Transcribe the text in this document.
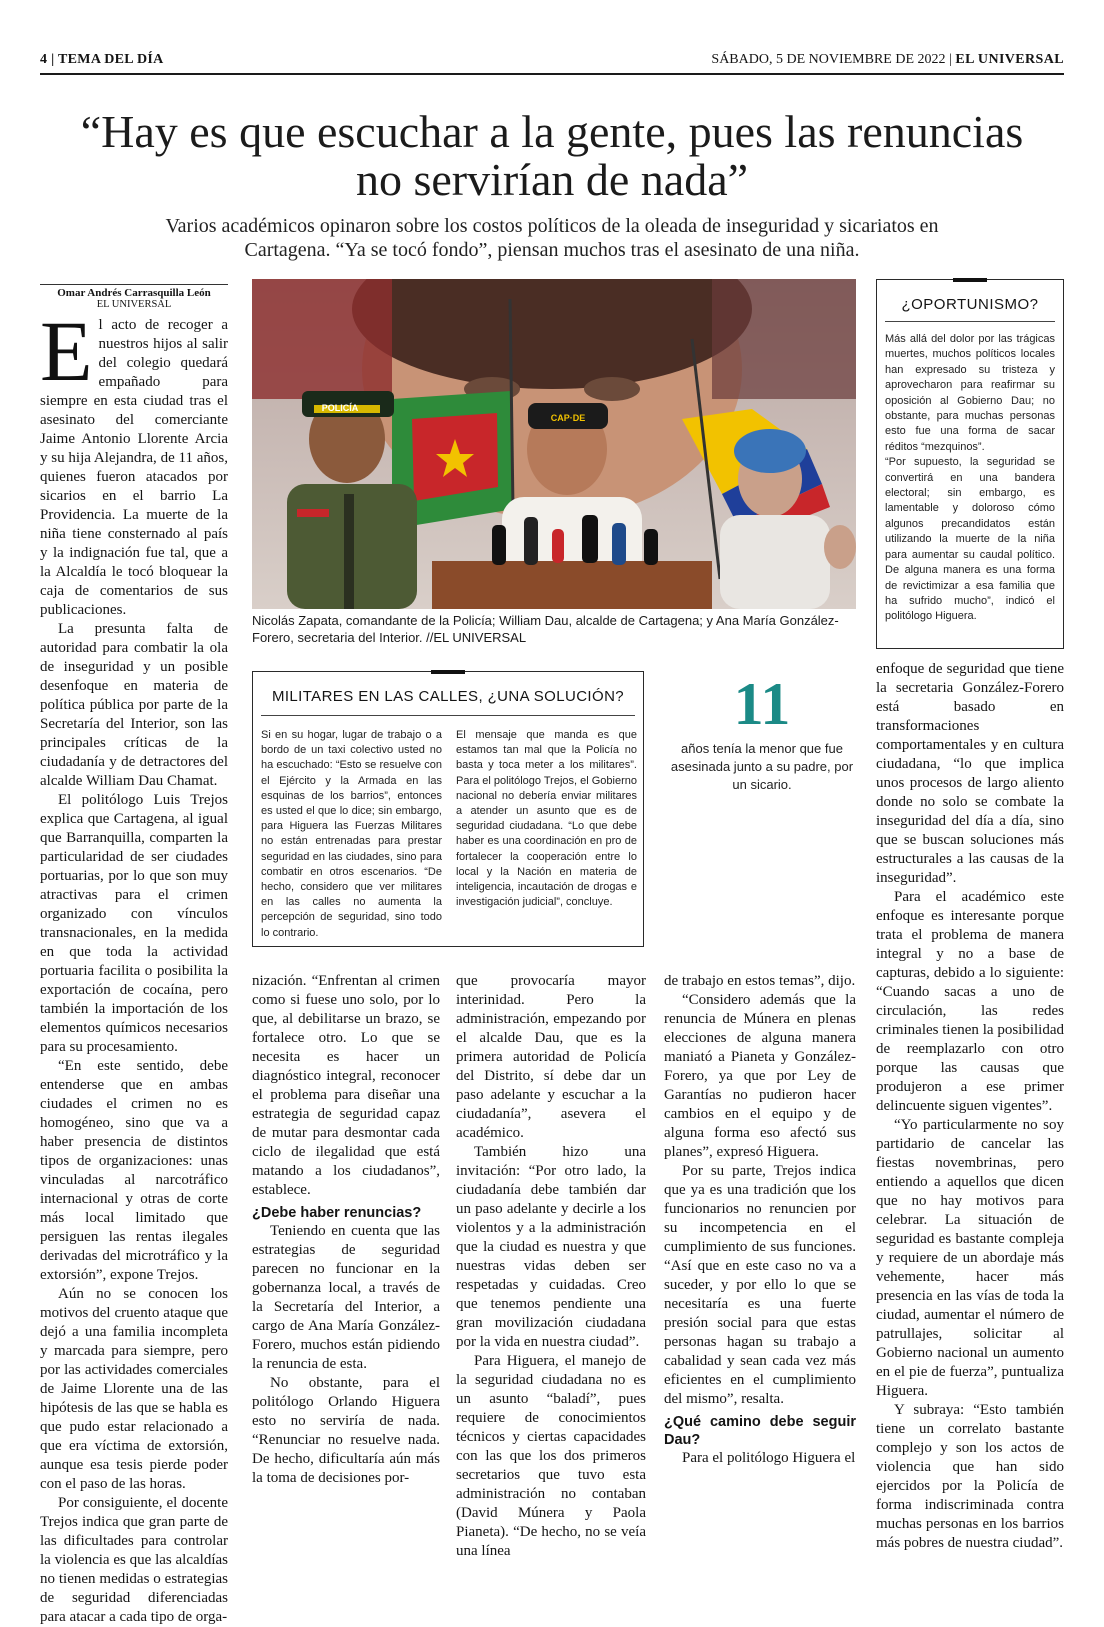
4 | TEMA DEL DÍA	SÁBADO, 5 DE NOVIEMBRE DE 2022 | EL UNIVERSAL
“Hay es que escuchar a la gente, pues las renuncias no servirían de nada”
Varios académicos opinaron sobre los costos políticos de la oleada de inseguridad y sicariatos en Cartagena. “Ya se tocó fondo”, piensan muchos tras el asesinato de una niña.
Omar Andrés Carrasquilla León
EL UNIVERSAL

El acto de recoger a nuestros hijos al salir del colegio quedará empañado para siempre en esta ciudad tras el asesinato del comerciante Jaime Antonio Llorente Arcia y su hija Alejandra, de 11 años, quienes fueron atacados por sicarios en el barrio La Providencia. La muerte de la niña tiene consternado al país y la indignación fue tal, que a la Alcaldía le tocó bloquear la caja de comentarios de sus publicaciones.

La presunta falta de autoridad para combatir la ola de inseguridad y un posible desenfoque en materia de política pública por parte de la Secretaría del Interior, son las principales críticas de la ciudadanía y de detractores del alcalde William Dau Chamat.

El politólogo Luis Trejos explica que Cartagena, al igual que Barranquilla, comparten la particularidad de ser ciudades portuarias, por lo que son muy atractivas para el crimen organizado con vínculos transnacionales, en la medida en que toda la actividad portuaria facilita o posibilita la exportación de cocaína, pero también la importación de los elementos químicos necesarios para su procesamiento.

“En este sentido, debe entenderse que en ambas ciudades el crimen no es homogéneo, sino que va a haber presencia de distintos tipos de organizaciones: unas vinculadas al narcotráfico internacional y otras de corte más local limitado que persiguen las rentas ilegales derivadas del microtráfico y la extorsión”, expone Trejos.

Aún no se conocen los motivos del cruento ataque que dejó a una familia incompleta y marcada para siempre, pero por las actividades comerciales de Jaime Llorente una de las hipótesis de las que se habla es que pudo estar relacionado a que era víctima de extorsión, aunque esa tesis pierde poder con el paso de las horas.

Por consiguiente, el docente Trejos indica que gran parte de las dificultades para controlar la violencia es que las alcaldías no tienen medidas o estrategias de seguridad diferenciadas para atacar a cada tipo de orga-

POLICÍA
CAP·DE
Nicolás Zapata, comandante de la Policía; William Dau, alcalde de Cartagena; y Ana María González-Forero, secretaria del Interior. //EL UNIVERSAL
¿OPORTUNISMO?

Más allá del dolor por las trágicas muertes, muchos políticos locales han expresado su tristeza y aprovecharon para reafirmar su oposición al Gobierno Dau; no obstante, para muchas personas esto fue una forma de sacar réditos “mezquinos”.

“Por supuesto, la seguridad se convertirá en una bandera electoral; sin embargo, es lamentable y doloroso cómo algunos precandidatos están utilizando la muerte de la niña para aumentar su caudal político. De alguna manera es una forma de revictimizar a esa familia que ha sufrido mucho”, indicó el politólogo Higuera.

MILITARES EN LAS CALLES, ¿UNA SOLUCIÓN?
Si en su hogar, lugar de trabajo o a bordo de un taxi colectivo usted no ha escuchado: “Esto se resuelve con el Ejército y la Armada en las esquinas de los barrios”, entonces es usted el que lo dice; sin embargo, para Higuera las Fuerzas Militares no están entrenadas para prestar seguridad en las ciudades, sino para combatir en otros escenarios. “De hecho, considero que ver militares en las calles no aumenta la percepción de seguridad, sino todo lo contrario.
El mensaje que manda es que estamos tan mal que la Policía no basta y toca meter a los militares”. Para el politólogo Trejos, el Gobierno nacional no debería enviar militares a atender un asunto que es de seguridad ciudadana. “Lo que debe haber es una coordinación en pro de fortalecer la cooperación entre lo local y la Nación en materia de inteligencia, incautación de drogas e investigación judicial”, concluye.
11
años tenía la menor que fue asesinada junto a su padre, por un sicario.

nización. “Enfrentan al crimen como si fuese uno solo, por lo que, al debilitarse un brazo, se fortalece otro. Lo que se necesita es hacer un diagnóstico integral, reconocer el problema para diseñar una estrategia de seguridad capaz de mutar para desmontar cada ciclo de ilegalidad que está matando a los ciudadanos”, establece.

¿Debe haber renuncias?

Teniendo en cuenta que las estrategias de seguridad parecen no funcionar en la gobernanza local, a través de la Secretaría del Interior, a cargo de Ana María González-Forero, muchos están pidiendo la renuncia de esta.

No obstante, para el politólogo Orlando Higuera esto no serviría de nada. “Renunciar no resuelve nada. De hecho, dificultaría aún más la toma de decisiones por-

que provocaría mayor interinidad. Pero la administración, empezando por el alcalde Dau, que es la primera autoridad de Policía del Distrito, sí debe dar un paso adelante y escuchar a la ciudadanía”, asevera el académico.

También hizo una invitación: “Por otro lado, la ciudadanía debe también dar un paso adelante y decirle a los violentos y a la administración que la ciudad es nuestra y que nuestras vidas deben ser respetadas y cuidadas. Creo que tenemos pendiente una gran movilización ciudadana por la vida en nuestra ciudad”.

Para Higuera, el manejo de la seguridad ciudadana no es un asunto “baladí”, pues requiere de conocimientos técnicos y ciertas capacidades con las que los dos primeros secretarios que tuvo esta administración no contaban (David Múnera y Paola Pianeta). “De hecho, no se veía una línea

de trabajo en estos temas”, dijo.

“Considero además que la renuncia de Múnera en plenas elecciones de alguna manera maniató a Pianeta y González-Forero, ya que por Ley de Garantías no pudieron hacer cambios en el equipo y de alguna forma eso afectó sus planes”, expresó Higuera.

Por su parte, Trejos indica que ya es una tradición que los funcionarios no renuncien por su incompetencia en el cumplimiento de sus funciones. “Así que en este caso no va a suceder, y por ello lo que se necesitaría es una fuerte presión social para que estas personas hagan su trabajo a cabalidad y sean cada vez más eficientes en el cumplimiento del mismo”, resalta.

¿Qué camino debe seguir Dau?

Para el politólogo Higuera el

enfoque de seguridad que tiene la secretaria González-Forero está basado en transformaciones comportamentales y en cultura ciudadana, “lo que implica unos procesos de largo aliento donde no solo se combate la inseguridad del día a día, sino que se buscan soluciones más estructurales a las causas de la inseguridad”.

Para el académico este enfoque es interesante porque trata el problema de manera integral y no a base de capturas, debido a lo siguiente: “Cuando sacas a uno de circulación, las redes criminales tienen la posibilidad de reemplazarlo con otro porque las causas que produjeron a ese primer delincuente siguen vigentes”.

“Yo particularmente no soy partidario de cancelar las fiestas novembrinas, pero entiendo a aquellos que dicen que no hay motivos para celebrar. La situación de seguridad es bastante compleja y requiere de un abordaje más vehemente, hacer más presencia en las vías de toda la ciudad, aumentar el número de patrullajes, solicitar al Gobierno nacional un aumento en el pie de fuerza”, puntualiza Higuera.

Y subraya: “Esto también tiene un correlato bastante complejo y son los actos de violencia que han sido ejercidos por la Policía de forma indiscriminada contra muchas personas en los barrios más pobres de nuestra ciudad”.
